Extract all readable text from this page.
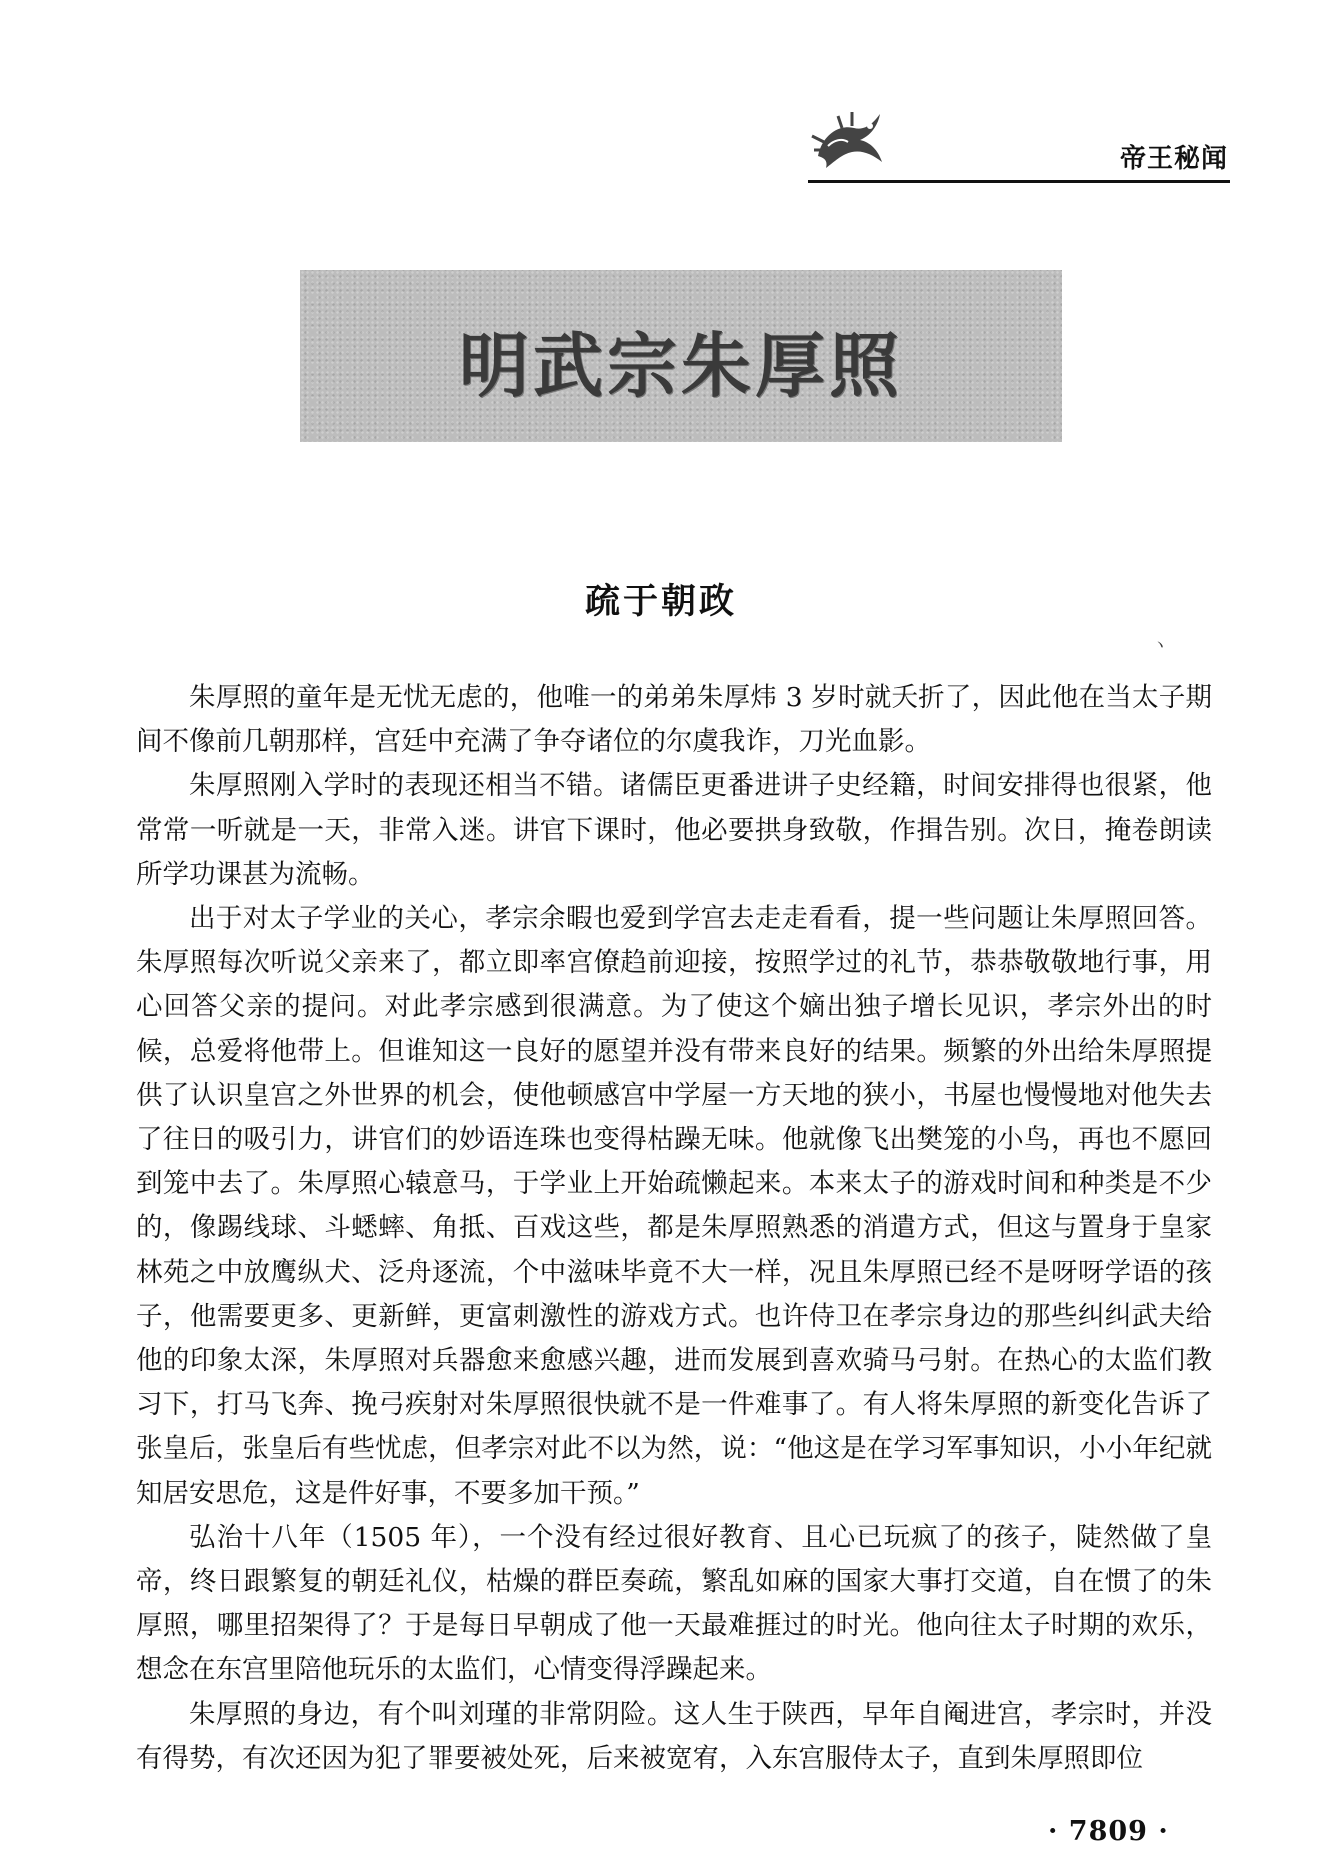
帝王秘闻
明武宗朱厚照
疏于朝政
ヽ

朱厚照的童年是无忧无虑的，他唯一的弟弟朱厚炜 3 岁时就夭折了，因此他在当太子期间不像前几朝那样，宫廷中充满了争夺诸位的尔虞我诈，刀光血影。

朱厚照刚入学时的表现还相当不错。诸儒臣更番进讲子史经籍，时间安排得也很紧，他常常一听就是一天，非常入迷。讲官下课时，他必要拱身致敬，作揖告别。次日，掩卷朗读所学功课甚为流畅。

出于对太子学业的关心，孝宗余暇也爱到学宫去走走看看，提一些问题让朱厚照回答。朱厚照每次听说父亲来了，都立即率宫僚趋前迎接，按照学过的礼节，恭恭敬敬地行事，用心回答父亲的提问。对此孝宗感到很满意。为了使这个嫡出独子增长见识，孝宗外出的时候，总爱将他带上。但谁知这一良好的愿望并没有带来良好的结果。频繁的外出给朱厚照提供了认识皇宫之外世界的机会，使他顿感宫中学屋一方天地的狭小，书屋也慢慢地对他失去了往日的吸引力，讲官们的妙语连珠也变得枯躁无味。他就像飞出樊笼的小鸟，再也不愿回到笼中去了。朱厚照心辕意马，于学业上开始疏懒起来。本来太子的游戏时间和种类是不少的，像踢线球、斗蟋蟀、角抵、百戏这些，都是朱厚照熟悉的消遣方式，但这与置身于皇家林苑之中放鹰纵犬、泛舟逐流，个中滋味毕竟不大一样，况且朱厚照已经不是呀呀学语的孩子，他需要更多、更新鲜，更富刺激性的游戏方式。也许侍卫在孝宗身边的那些纠纠武夫给他的印象太深，朱厚照对兵器愈来愈感兴趣，进而发展到喜欢骑马弓射。在热心的太监们教习下，打马飞奔、挽弓疾射对朱厚照很快就不是一件难事了。有人将朱厚照的新变化告诉了张皇后，张皇后有些忧虑，但孝宗对此不以为然，说：“他这是在学习军事知识，小小年纪就知居安思危，这是件好事，不要多加干预。”

弘治十八年（1505 年），一个没有经过很好教育、且心已玩疯了的孩子，陡然做了皇帝，终日跟繁复的朝廷礼仪，枯燥的群臣奏疏，繁乱如麻的国家大事打交道，自在惯了的朱厚照，哪里招架得了？于是每日早朝成了他一天最难捱过的时光。他向往太子时期的欢乐，想念在东宫里陪他玩乐的太监们，心情变得浮躁起来。

朱厚照的身边，有个叫刘瑾的非常阴险。这人生于陕西，早年自阉进宫，孝宗时，并没有得势，有次还因为犯了罪要被处死，后来被宽宥，入东宫服侍太子，直到朱厚照即位

· 7809 ·
